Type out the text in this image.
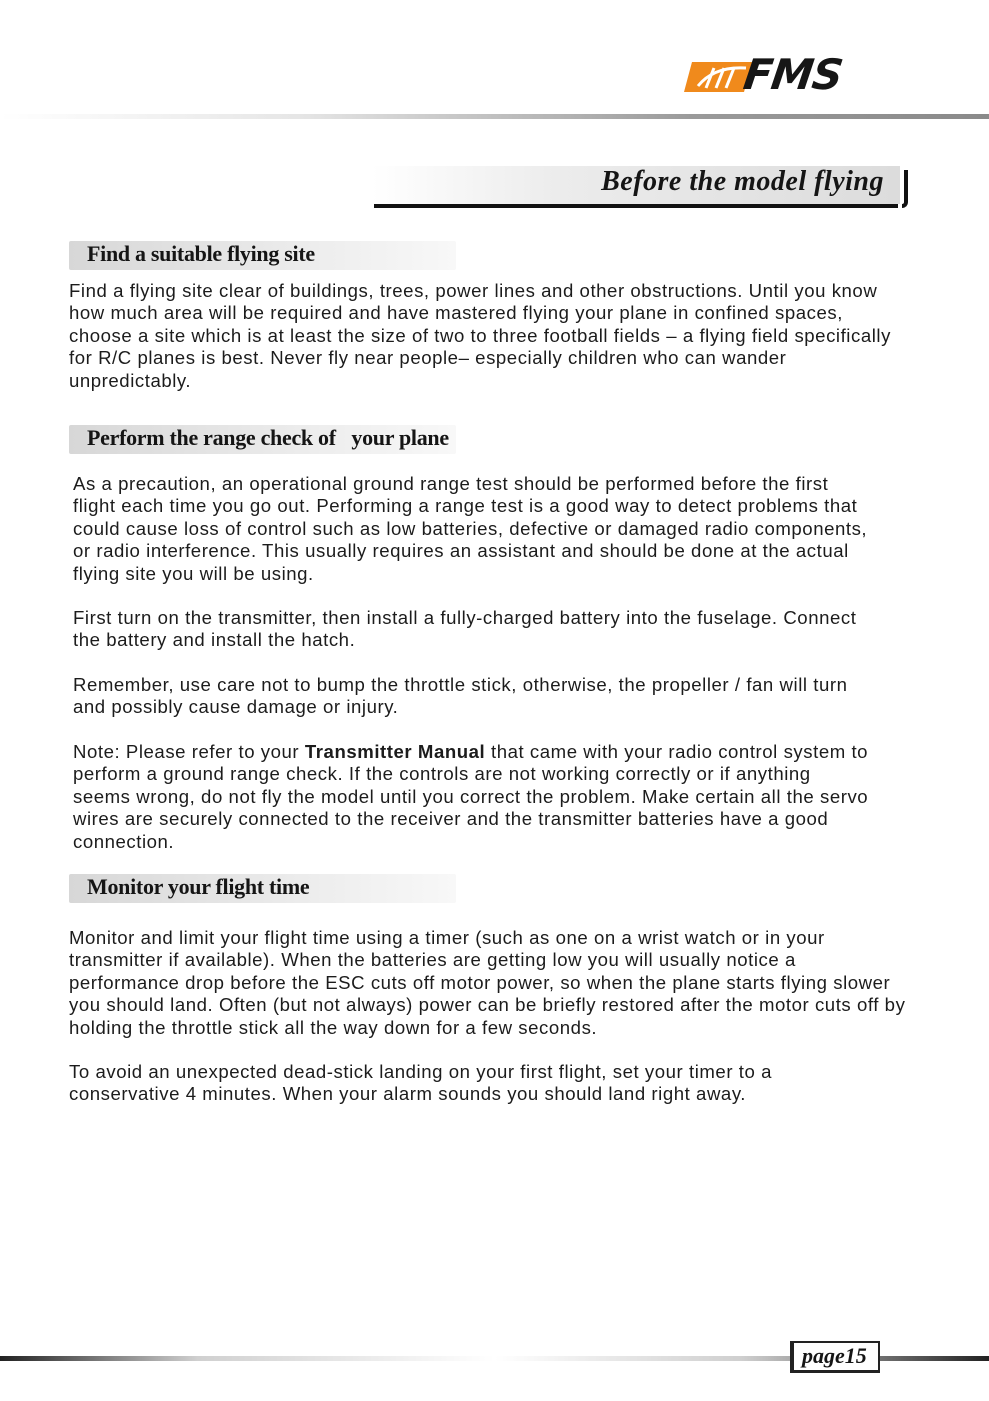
FMS
Before the model flying
Find a suitable flying site

Find a flying site clear of buildings, trees, power lines and other obstructions. Until you know how much area will be required and have mastered flying your plane in confined spaces, choose a site which is at least the size of two to three football fields – a flying field specifically for R/C planes is best. Never fly near people– especially children who can wander unpredictably.

Perform the range check of   your plane

As a precaution, an operational ground range test should be performed before the first flight each time you go out. Performing a range test is a good way to detect problems that could cause loss of control such as low batteries, defective or damaged radio components, or radio interference. This usually requires an assistant and should be done at the actual flying site you will be using.

First turn on the transmitter, then install a fully-charged battery into the fuselage. Connect the battery and install the hatch.

Remember, use care not to bump the throttle stick, otherwise, the propeller / fan will turn and possibly cause damage or injury.

Note: Please refer to your Transmitter Manual that came with your radio control system to perform a ground range check. If the controls are not working correctly or if anything seems wrong, do not fly the model until you correct the problem. Make certain all the servo wires are securely connected to the receiver and the transmitter batteries have a good connection.

Monitor your flight time

Monitor and limit your flight time using a timer (such as one on a wrist watch or in your transmitter if available). When the batteries are getting low you will usually notice a performance drop before the ESC cuts off motor power, so when the plane starts flying slower you should land. Often (but not always) power can be briefly restored after the motor cuts off by holding the throttle stick all the way down for a few seconds.

To avoid an unexpected dead-stick landing on your first flight, set your timer to a conservative 4 minutes. When your alarm sounds you should land right away.

page15
